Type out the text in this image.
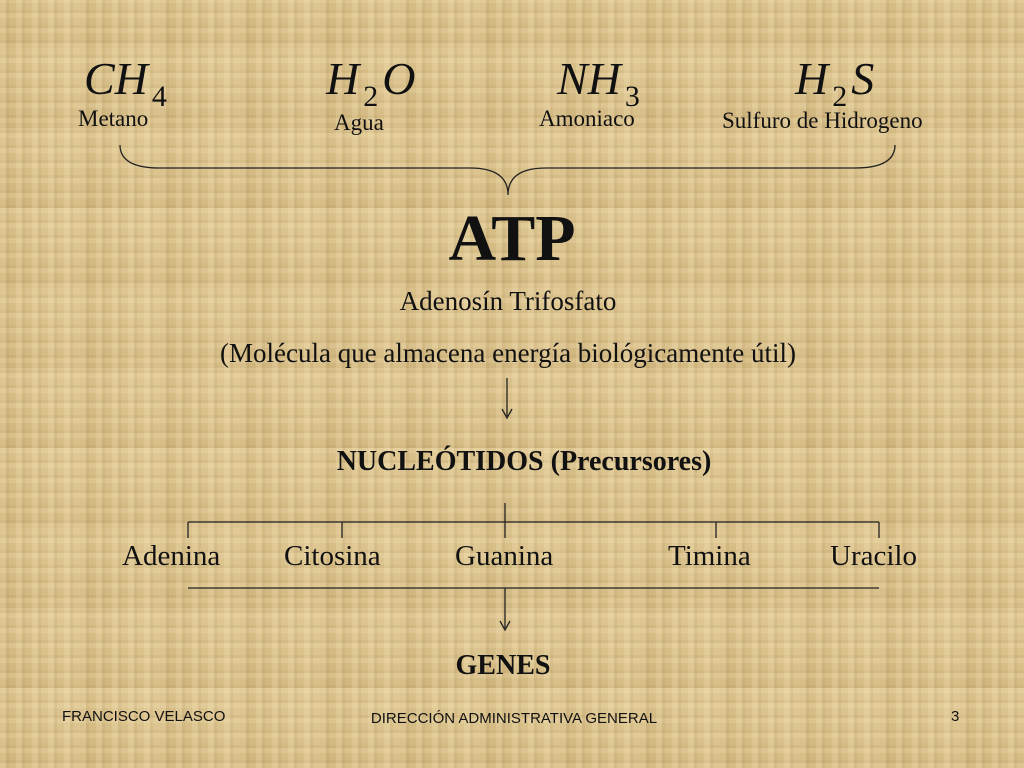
CH $_4$
Metano
H $_2$O
Agua
NH $_3$
Amoniaco
H $_2$S
Sulfuro de Hidrogeno
ATP
Adenosín Trifosfato
(Molécula que almacena energía biológicamente útil)
NUCLEÓTIDOS (Precursores)
Adenina Citosina	Guanina	Timina	Uracilo
GENES
FRANCISCO VELASCO	DIRECCIÓN ADMINISTRATIVA GENERAL	3
